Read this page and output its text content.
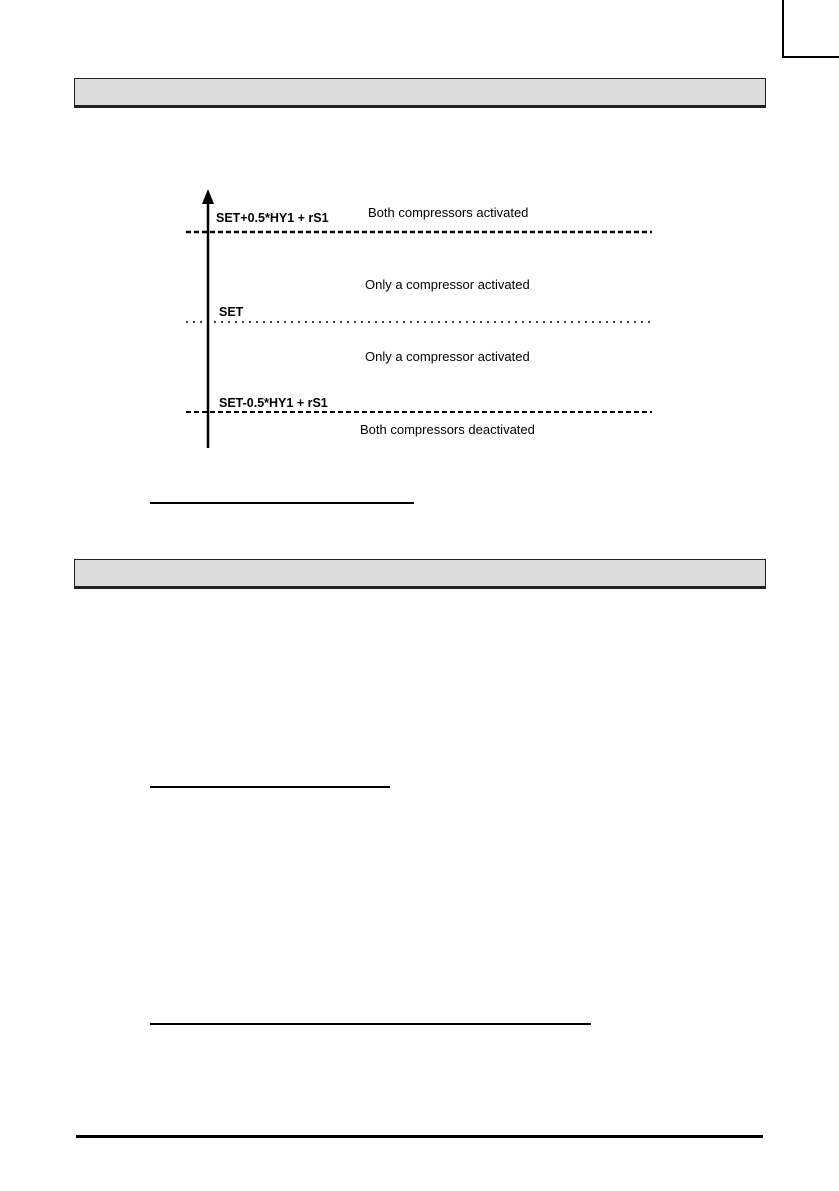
SET+0.5*HY1 + rS1
SET
SET-0.5*HY1 + rS1
Both compressors activated
Only a compressor activated
Only a compressor activated
Both compressors deactivated
